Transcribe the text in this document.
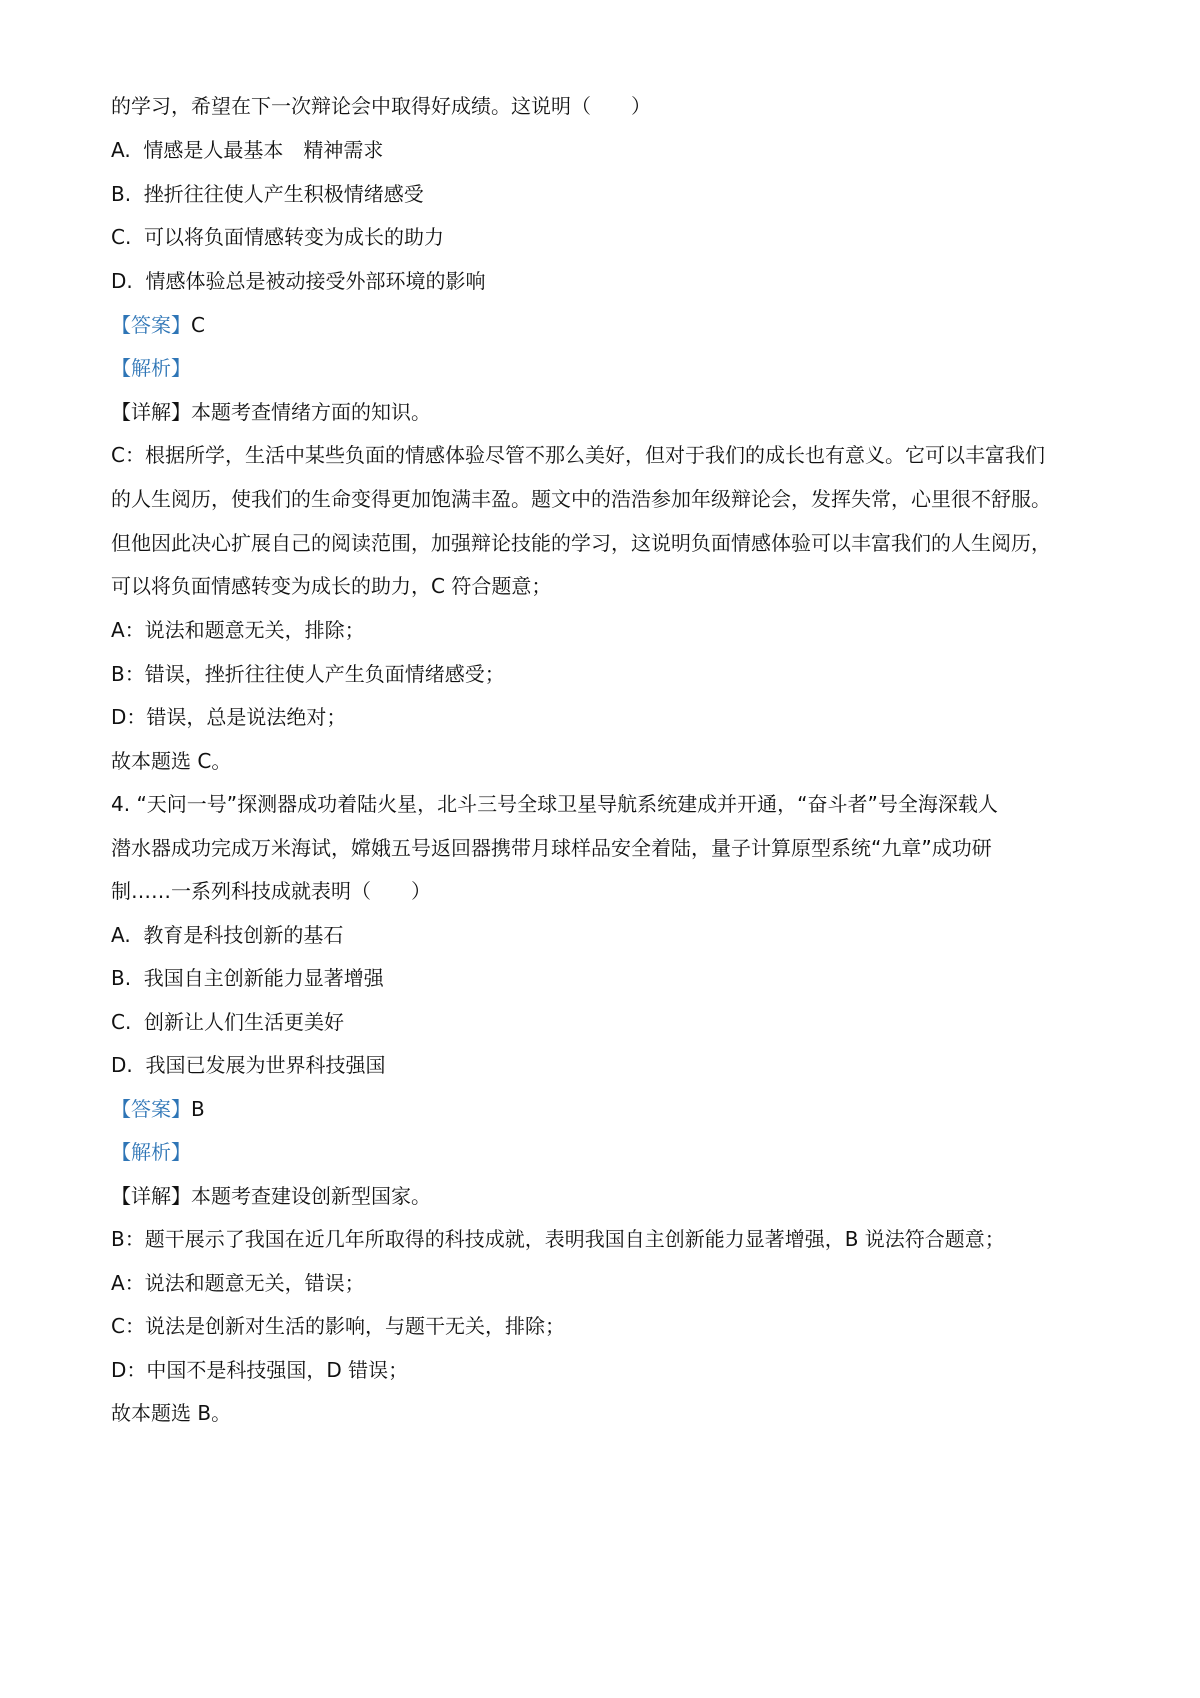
的学习，希望在下一次辩论会中取得好成绩。这说明（　　）
A.  情感是人最基本　精神需求
B.  挫折往往使人产生积极情绪感受
C.  可以将负面情感转变为成长的助力
D.  情感体验总是被动接受外部环境的影响
【答案】C
【解析】
【详解】本题考查情绪方面的知识。
C：根据所学，生活中某些负面的情感体验尽管不那么美好，但对于我们的成长也有意义。它可以丰富我们
的人生阅历，使我们的生命变得更加饱满丰盈。题文中的浩浩参加年级辩论会，发挥失常，心里很不舒服。
但他因此决心扩展自己的阅读范围，加强辩论技能的学习，这说明负面情感体验可以丰富我们的人生阅历，
可以将负面情感转变为成长的助力，C 符合题意；
A：说法和题意无关，排除；
B：错误，挫折往往使人产生负面情绪感受；
D：错误，总是说法绝对；
故本题选 C。
4. “天问一号”探测器成功着陆火星，北斗三号全球卫星导航系统建成并开通，“奋斗者”号全海深载人
潜水器成功完成万米海试，嫦娥五号返回器携带月球样品安全着陆，量子计算原型系统“九章”成功研
制……一系列科技成就表明（　　）
A.  教育是科技创新的基石
B.  我国自主创新能力显著增强
C.  创新让人们生活更美好
D.  我国已发展为世界科技强国
【答案】B
【解析】
【详解】本题考查建设创新型国家。
B：题干展示了我国在近几年所取得的科技成就，表明我国自主创新能力显著增强，B 说法符合题意；
A：说法和题意无关，错误；
C：说法是创新对生活的影响，与题干无关，排除；
D：中国不是科技强国，D 错误；
故本题选 B。
